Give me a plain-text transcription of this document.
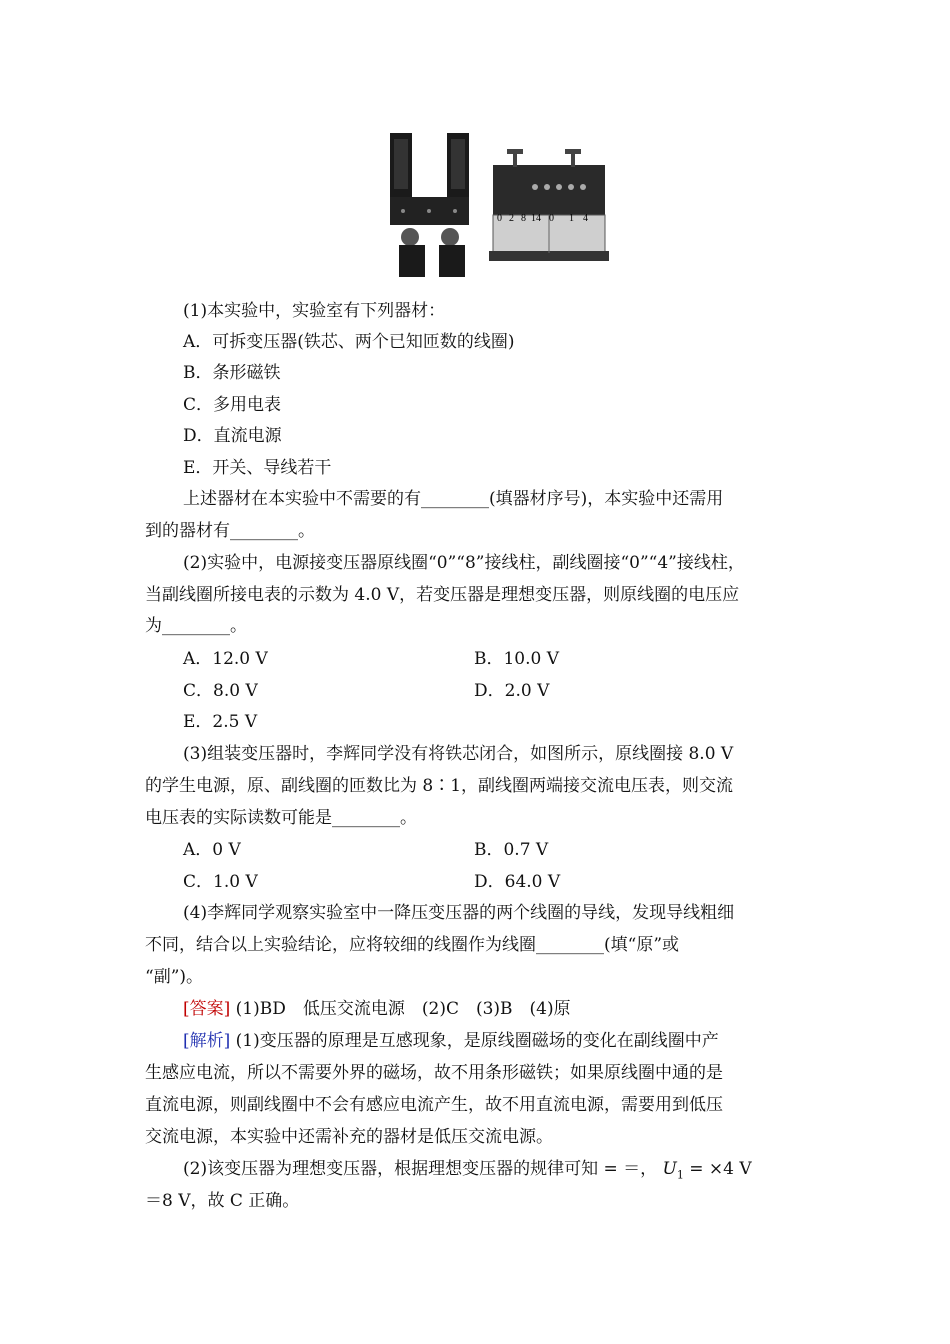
0 2 8 14 0 1 4
(1)本实验中，实验室有下列器材：
A．可拆变压器(铁芯、两个已知匝数的线圈)
B．条形磁铁
C．多用电表
D．直流电源
E．开关、导线若干
上述器材在本实验中不需要的有________(填器材序号)，本实验中还需用
到的器材有________。
(2)实验中，电源接变压器原线圈“0”“8”接线柱，副线圈接“0”“4”接线柱，
当副线圈所接电表的示数为 4.0 V，若变压器是理想变压器，则原线圈的电压应
为________。
A．12.0 V	B．10.0 V
C．8.0 V	D．2.0 V
E．2.5 V
(3)组装变压器时，李辉同学没有将铁芯闭合，如图所示，原线圈接 8.0 V
的学生电源，原、副线圈的匝数比为 8∶1，副线圈两端接交流电压表，则交流
电压表的实际读数可能是________。
A．0 V	B．0.7 V
C．1.0 V	D．64.0 V
(4)李辉同学观察实验室中一降压变压器的两个线圈的导线，发现导线粗细
不同，结合以上实验结论，应将较细的线圈作为线圈________(填“原”或
“副”)。
[答案] (1)BD　低压交流电源　(2)C　(3)B　(4)原
[解析] (1)变压器的原理是互感现象，是原线圈磁场的变化在副线圈中产
生感应电流，所以不需要外界的磁场，故不用条形磁铁；如果原线圈中通的是
直流电源，则副线圈中不会有感应电流产生，故不用直流电源，需要用到低压
交流电源，本实验中还需补充的器材是低压交流电源。
(2)该变压器为理想变压器，根据理想变压器的规律可知 = ＝， $U_1 = \times 4$ V
＝8 V，故 C 正确。
